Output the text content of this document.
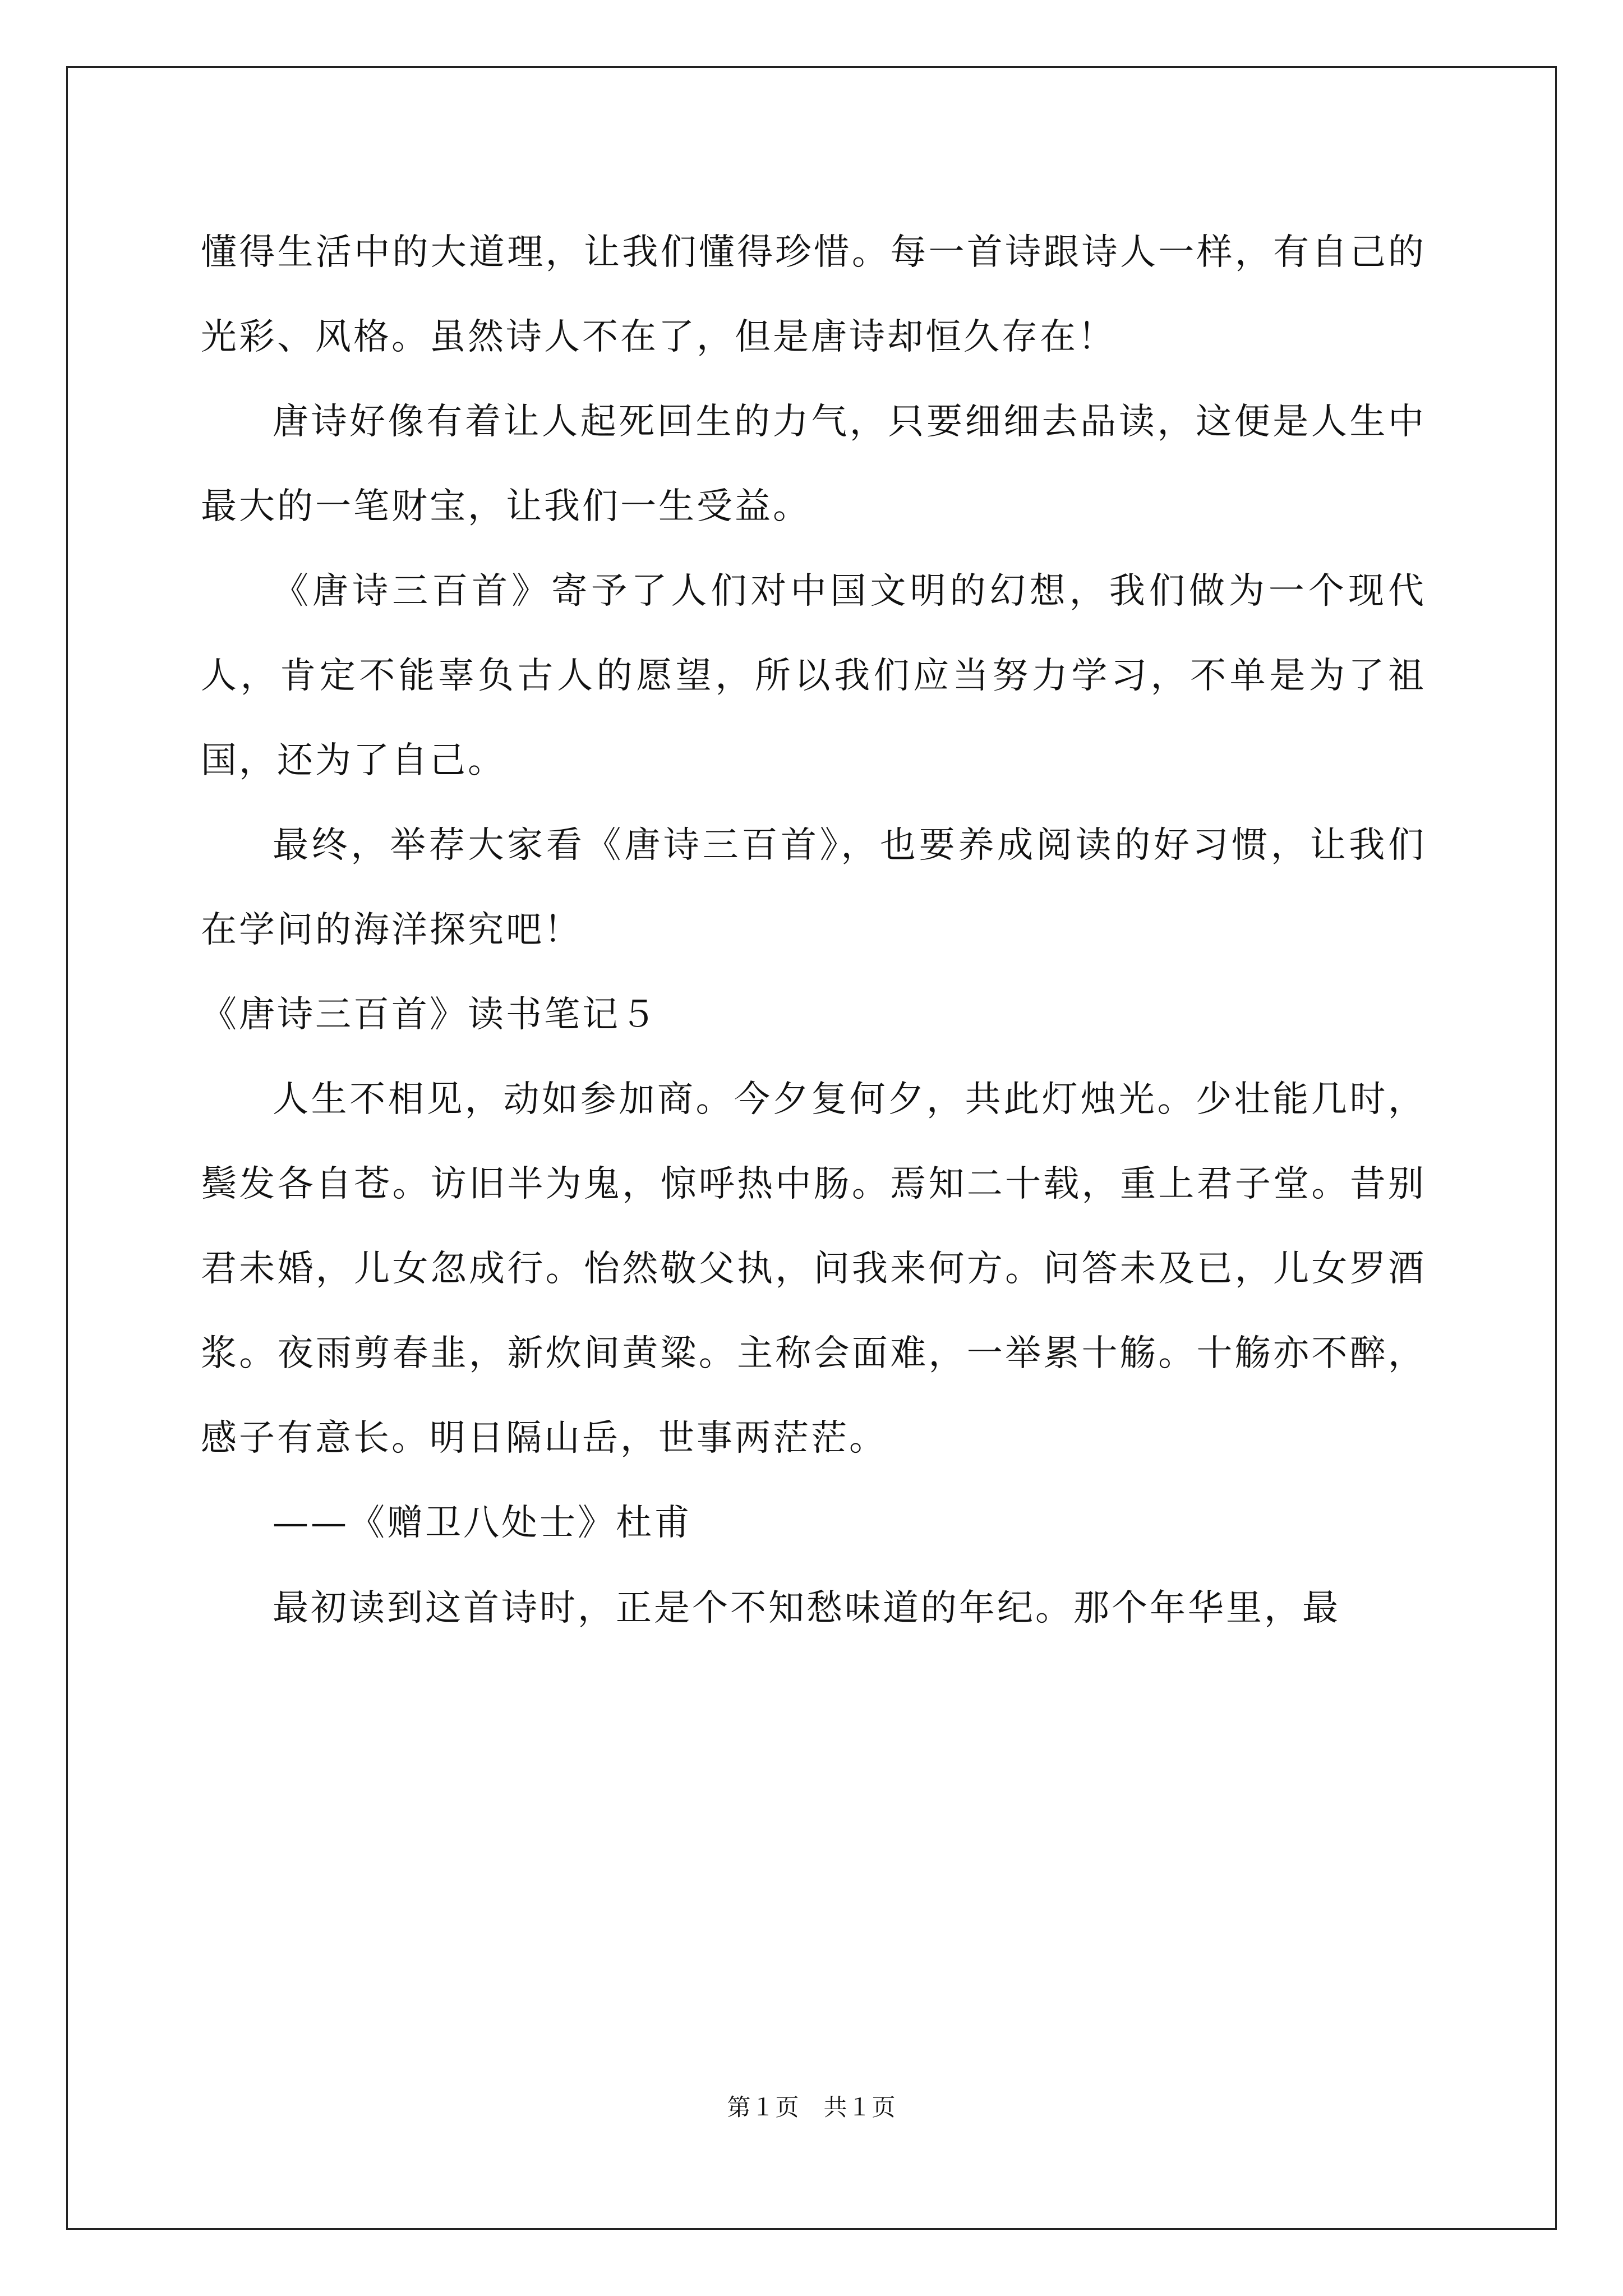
懂得生活中的大道理，让我们懂得珍惜。每一首诗跟诗人一样，有自己的光彩、风格。虽然诗人不在了，但是唐诗却恒久存在！

唐诗好像有着让人起死回生的力气，只要细细去品读，这便是人生中最大的一笔财宝，让我们一生受益。

《唐诗三百首》寄予了人们对中国文明的幻想，我们做为一个现代人，肯定不能辜负古人的愿望，所以我们应当努力学习，不单是为了祖国，还为了自己。

最终，举荐大家看《唐诗三百首》，也要养成阅读的好习惯，让我们在学问的海洋探究吧！

《唐诗三百首》读书笔记５

人生不相见，动如参加商。今夕复何夕，共此灯烛光。少壮能几时，鬓发各自苍。访旧半为鬼，惊呼热中肠。焉知二十载，重上君子堂。昔别君未婚，儿女忽成行。怡然敬父执，问我来何方。问答未及已，儿女罗酒浆。夜雨剪春韭，新炊间黄粱。主称会面难，一举累十觞。十觞亦不醉，感子有意长。明日隔山岳，世事两茫茫。

——《赠卫八处士》杜甫

最初读到这首诗时，正是个不知愁味道的年纪。那个年华里，最

第１页　共１页
